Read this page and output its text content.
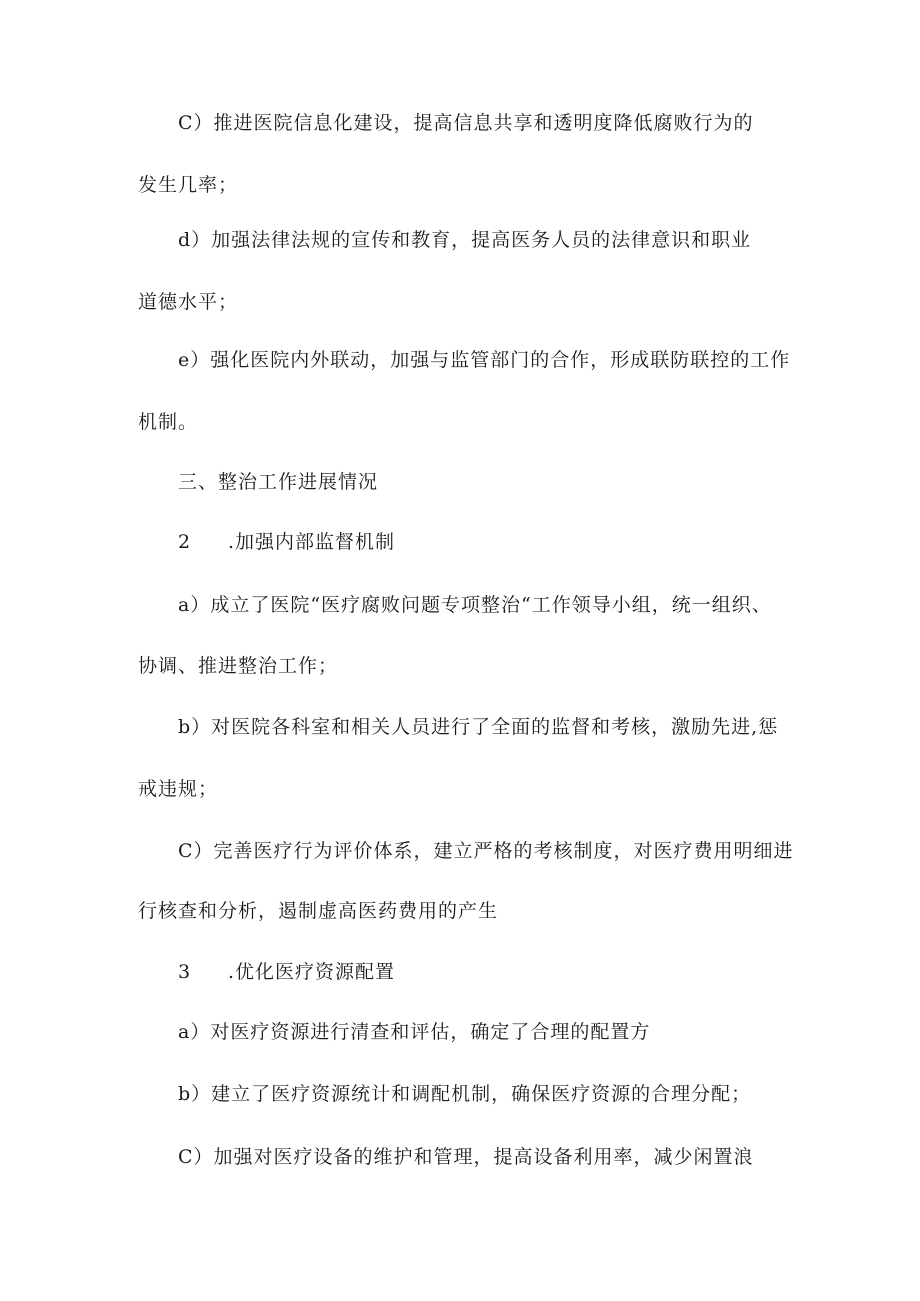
C）推进医院信息化建设，提高信息共享和透明度降低腐败行为的
发生几率；
d）加强法律法规的宣传和教育，提高医务人员的法律意识和职业
道德水平；
e）强化医院内外联动，加强与监管部门的合作，形成联防联控的工作
机制。
三、整治工作进展情况
2 .加强内部监督机制
a）成立了医院“医疗腐败问题专项整治“工作领导小组，统一组织、
协调、推进整治工作；
b）对医院各科室和相关人员进行了全面的监督和考核，激励先进,惩
戒违规；
C）完善医疗行为评价体系，建立严格的考核制度，对医疗费用明细进
行核查和分析，遏制虚高医药费用的产生
3 .优化医疗资源配置
a）对医疗资源进行清查和评估，确定了合理的配置方
b）建立了医疗资源统计和调配机制，确保医疗资源的合理分配；
C）加强对医疗设备的维护和管理，提高设备利用率，减少闲置浪
